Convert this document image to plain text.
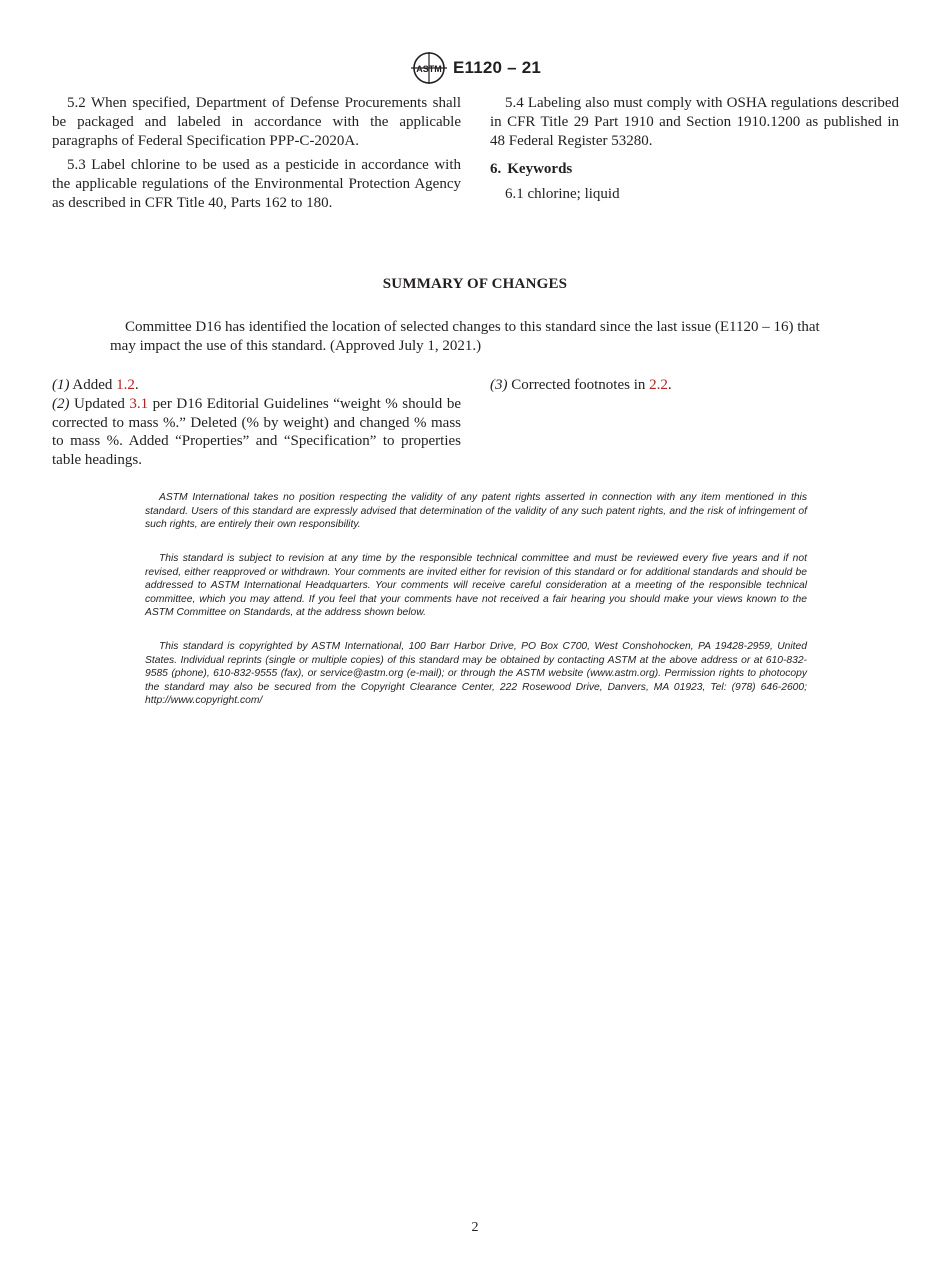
ASTM E1120 – 21

5.2 When specified, Department of Defense Procurements shall be packaged and labeled in accordance with the applicable paragraphs of Federal Specification PPP-C-2020A.

5.3 Label chlorine to be used as a pesticide in accordance with the applicable regulations of the Environmental Protection Agency as described in CFR Title 40, Parts 162 to 180.

5.4 Labeling also must comply with OSHA regulations described in CFR Title 29 Part 1910 and Section 1910.1200 as published in 48 Federal Register 53280.

6. Keywords

6.1 chlorine; liquid

SUMMARY OF CHANGES
Committee D16 has identified the location of selected changes to this standard since the last issue (E1120 – 16) that may impact the use of this standard. (Approved July 1, 2021.)

(1) Added 1.2.

(2) Updated 3.1 per D16 Editorial Guidelines “weight % should be corrected to mass %.” Deleted (% by weight) and changed % mass to mass %. Added “Properties” and “Specification” to properties table headings.

(3) Corrected footnotes in 2.2.

ASTM International takes no position respecting the validity of any patent rights asserted in connection with any item mentioned in this standard. Users of this standard are expressly advised that determination of the validity of any such patent rights, and the risk of infringement of such rights, are entirely their own responsibility.
This standard is subject to revision at any time by the responsible technical committee and must be reviewed every five years and if not revised, either reapproved or withdrawn. Your comments are invited either for revision of this standard or for additional standards and should be addressed to ASTM International Headquarters. Your comments will receive careful consideration at a meeting of the responsible technical committee, which you may attend. If you feel that your comments have not received a fair hearing you should make your views known to the ASTM Committee on Standards, at the address shown below.
This standard is copyrighted by ASTM International, 100 Barr Harbor Drive, PO Box C700, West Conshohocken, PA 19428-2959, United States. Individual reprints (single or multiple copies) of this standard may be obtained by contacting ASTM at the above address or at 610-832-9585 (phone), 610-832-9555 (fax), or service@astm.org (e-mail); or through the ASTM website (www.astm.org). Permission rights to photocopy the standard may also be secured from the Copyright Clearance Center, 222 Rosewood Drive, Danvers, MA 01923, Tel: (978) 646-2600; http://www.copyright.com/
2
